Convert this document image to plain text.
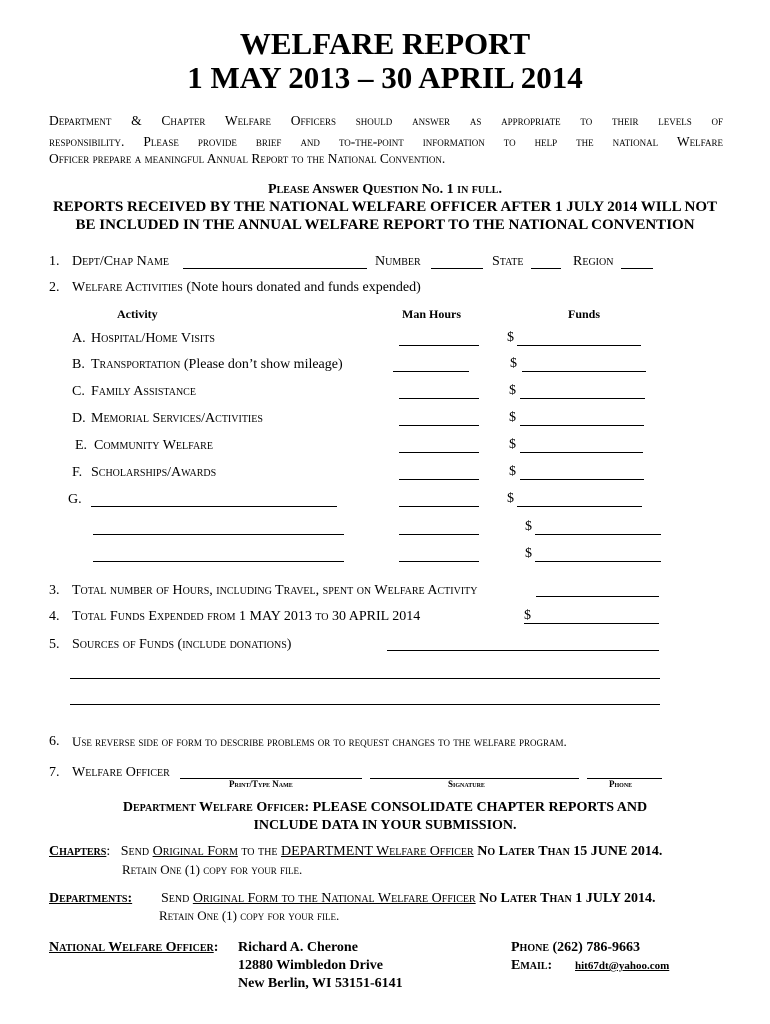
WELFARE REPORT
1 MAY 2013 – 30 APRIL 2014
Department & Chapter Welfare Officers should answer as appropriate to their levels of
responsibility. Please provide brief and to-the-point information to help the national Welfare
Officer prepare a meaningful Annual Report to the National Convention.
Please Answer Question No. 1 in full.
REPORTS RECEIVED BY THE NATIONAL WELFARE OFFICER AFTER 1 JULY 2014 WILL NOT
BE INCLUDED IN THE ANNUAL WELFARE REPORT TO THE NATIONAL CONVENTION
1. Dept/Chap Name	Number	State	Region
2. Welfare Activities (Note hours donated and funds expended)
Activity	Man Hours	Funds
A. Hospital/Home Visits	$
B. Transportation (Please don’t show mileage)	$
C. Family Assistance	$
D. Memorial Services/Activities	$
E. Community Welfare	$
F. Scholarships/Awards	$
G.	$
$
$
3. Total number of Hours, including Travel, spent on Welfare Activity
4. Total Funds Expended from 1 MAY 2013 to 30 APRIL 2014	$
5. Sources of Funds (include donations)
6. Use reverse side of form to describe problems or to request changes to the welfare program.
7. Welfare Officer
Print/Type Name	Signature	Phone
Department Welfare Officer: PLEASE CONSOLIDATE CHAPTER REPORTS AND
INCLUDE DATA IN YOUR SUBMISSION.
Chapters: Send Original Form to the DEPARTMENT Welfare Officer No Later Than 15 JUNE 2014.
Retain One (1) copy for your file.
Departments: Send Original Form to the National Welfare Officer No Later Than 1 JULY 2014.
Retain One (1) copy for your file.
National Welfare Officer: Richard A. Cherone
12880 Wimbledon Drive
New Berlin, WI 53151-6141
Phone (262) 786-9663
Email: hit67dt@yahoo.com
